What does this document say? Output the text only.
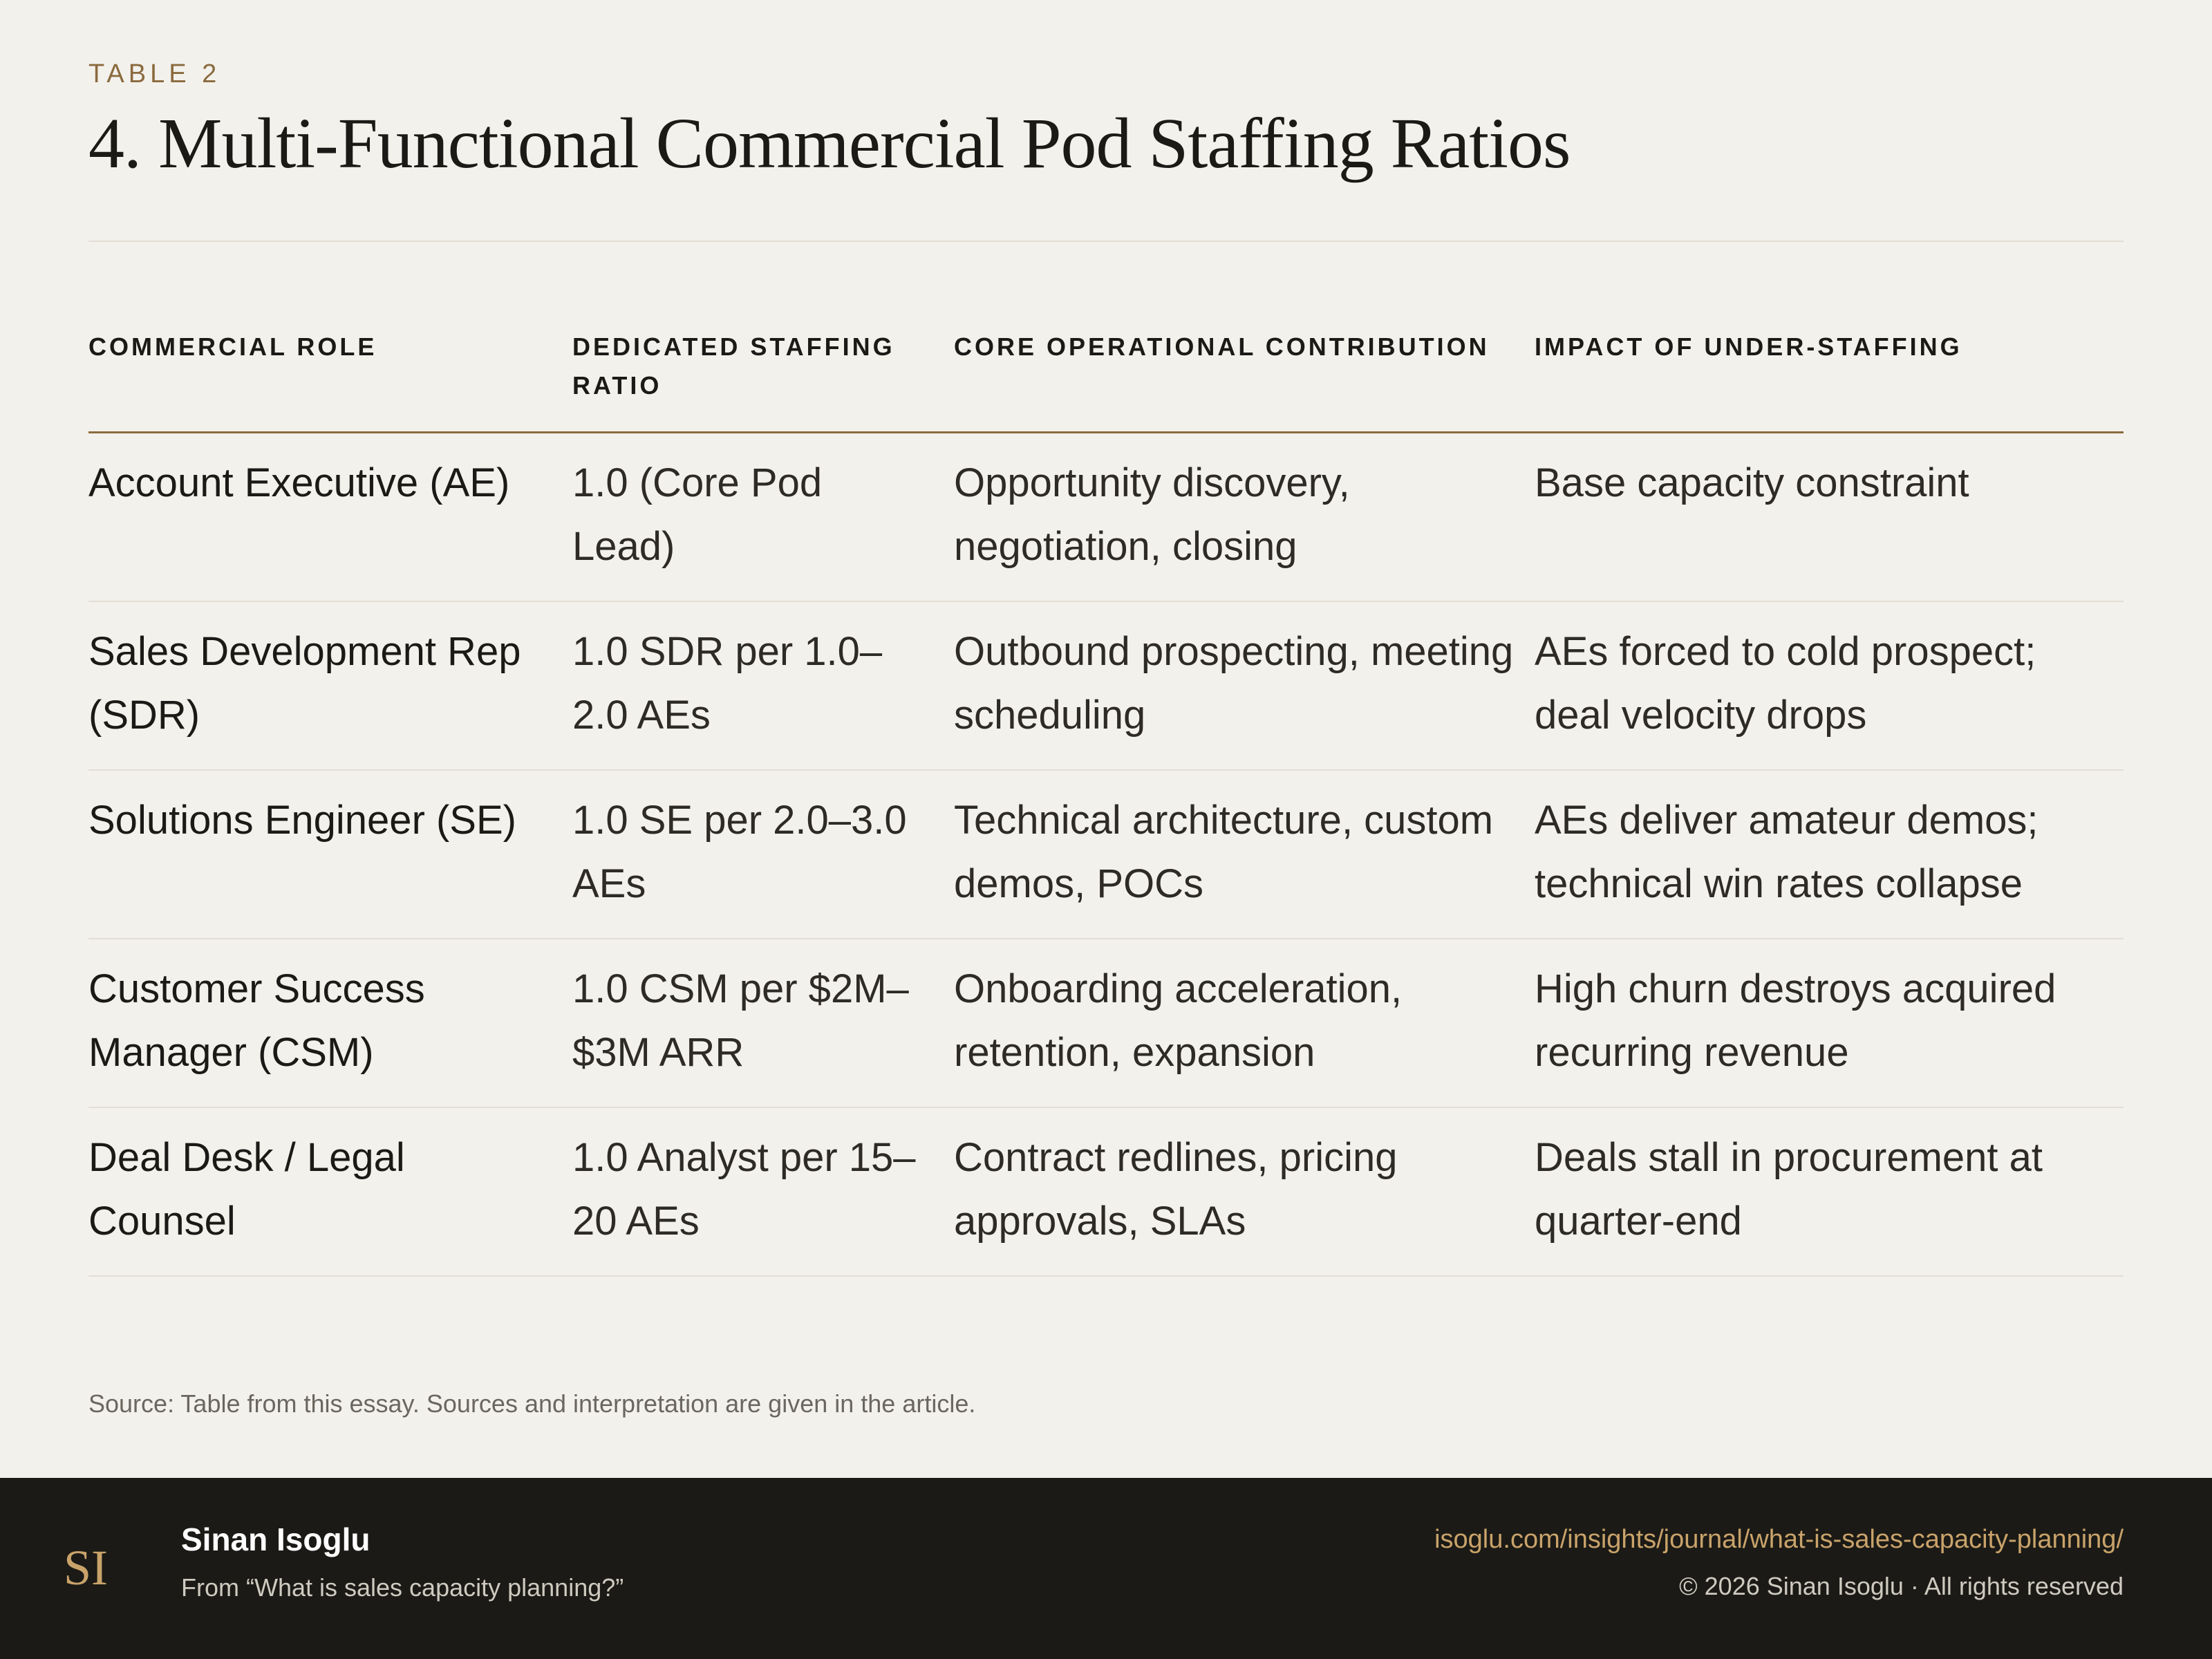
TABLE 2
4. Multi-Functional Commercial Pod Staffing Ratios
COMMERCIAL ROLE	DEDICATED STAFFING RATIO	CORE OPERATIONAL CONTRIBUTION	IMPACT OF UNDER-STAFFING
Account Executive (AE)	1.0 (Core Pod Lead)	Opportunity discovery, negotiation, closing	Base capacity constraint
Sales Development Rep (SDR)	1.0 SDR per 1.0–2.0 AEs	Outbound prospecting, meeting scheduling	AEs forced to cold prospect; deal velocity drops
Solutions Engineer (SE)	1.0 SE per 2.0–3.0 AEs	Technical architecture, custom demos, POCs	AEs deliver amateur demos; technical win rates collapse
Customer Success Manager (CSM)	1.0 CSM per $2M–$3M ARR	Onboarding acceleration, retention, expansion	High churn destroys acquired recurring revenue
Deal Desk / Legal Counsel	1.0 Analyst per 15–20 AEs	Contract redlines, pricing approvals, SLAs	Deals stall in procurement at quarter-end
Source: Table from this essay. Sources and interpretation are given in the article.
SI
Sinan Isoglu
From “What is sales capacity planning?”
isoglu.com/insights/journal/what-is-sales-capacity-planning/
© 2026 Sinan Isoglu · All rights reserved
